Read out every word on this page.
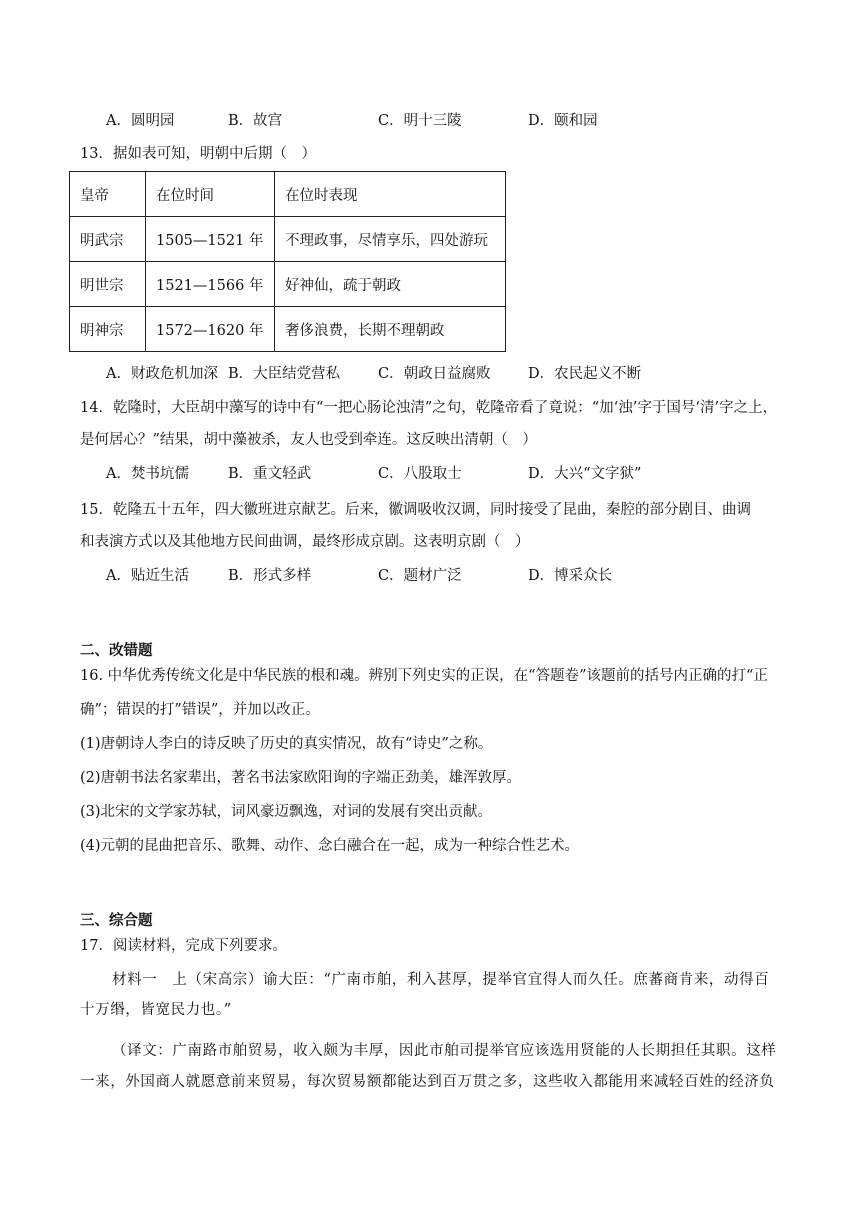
A．圆明园	B．故宫	C．明十三陵	D．颐和园
13．据如表可知，明朝中后期（　）
皇帝	在位时间	在位时表现
明武宗	1505—1521 年	不理政事，尽情享乐，四处游玩
明世宗	1521—1566 年	好神仙，疏于朝政
明神宗	1572—1620 年	奢侈浪费，长期不理朝政
A．财政危机加深 B．大臣结党营私	C．朝政日益腐败	D．农民起义不断
14．乾隆时，大臣胡中藻写的诗中有“一把心肠论浊清”之句，乾隆帝看了竟说：“加‘浊’字于国号‘清’字之上，
是何居心？”结果，胡中藻被杀，友人也受到牵连。这反映出清朝（　）
A．焚书坑儒	B．重文轻武	C．八股取士	D．大兴“文字狱”
15．乾隆五十五年，四大徽班进京献艺。后来，徽调吸收汉调，同时接受了昆曲，秦腔的部分剧目、曲调
和表演方式以及其他地方民间曲调，最终形成京剧。这表明京剧（　）
A．贴近生活	B．形式多样	C．题材广泛	D．博采众长
二、改错题
16. 中华优秀传统文化是中华民族的根和魂。辨别下列史实的正误，在“答题卷”该题前的括号内正确的打“正
确”；错误的打”错误”，并加以改正。
(1)唐朝诗人李白的诗反映了历史的真实情况，故有“诗史”之称。
(2)唐朝书法名家辈出，著名书法家欧阳询的字端正劲美，雄浑敦厚。
(3)北宋的文学家苏轼，词风豪迈飘逸，对词的发展有突出贡献。
(4)元朝的昆曲把音乐、歌舞、动作、念白融合在一起，成为一种综合性艺术。
三、综合题
17．阅读材料，完成下列要求。
材料一　上（宋高宗）谕大臣：“广南市舶，利入甚厚，提举官宜得人而久任。庶蕃商肯来，动得百
十万缗，皆宽民力也。”
（译文：广南路市舶贸易，收入颇为丰厚，因此市舶司提举官应该选用贤能的人长期担任其职。这样
一来，外国商人就愿意前来贸易，每次贸易额都能达到百万贯之多，这些收入都能用来减轻百姓的经济负
